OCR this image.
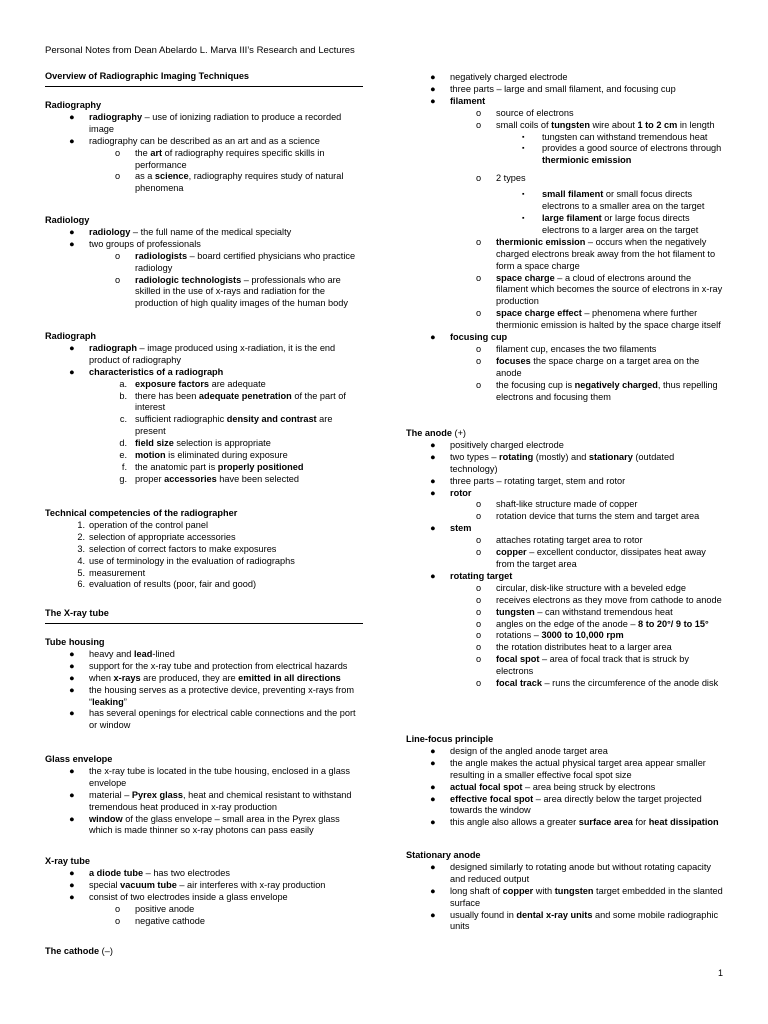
Personal Notes from Dean Abelardo L. Marva III’s Research and Lectures
Overview of Radiographic Imaging Techniques
Radiography
● radiography – use of ionizing radiation to produce a recorded image
● radiography can be described as an art and as a science
o the art of radiography requires specific skills in performance
o as a science, radiography requires study of natural phenomena
Radiology
● radiology – the full name of the medical specialty
● two groups of professionals
o radiologists – board certified physicians who practice radiology
o radiologic technologists – professionals who are skilled in the use of x-rays and radiation for the production of high quality images of the human body
Radiograph
● radiograph – image produced using x-radiation, it is the end product of radiography
● characteristics of a radiograph
a. exposure factors are adequate
b. there has been adequate penetration of the part of interest
c. sufficient radiographic density and contrast are present
d. field size selection is appropriate
e. motion is eliminated during exposure
f. the anatomic part is properly positioned
g. proper accessories have been selected
Technical competencies of the radiographer
1. operation of the control panel
2. selection of appropriate accessories
3. selection of correct factors to make exposures
4. use of terminology in the evaluation of radiographs
5. measurement
6. evaluation of results (poor, fair and good)
The X-ray tube
Tube housing
● heavy and lead-lined
● support for the x-ray tube and protection from electrical hazards
● when x-rays are produced, they are emitted in all directions
● the housing serves as a protective device, preventing x-rays from “leaking”
● has several openings for electrical cable connections and the port or window
Glass envelope
● the x-ray tube is located in the tube housing, enclosed in a glass envelope
● material – Pyrex glass, heat and chemical resistant to withstand tremendous heat produced in x-ray production
● window of the glass envelope – small area in the Pyrex glass which is made thinner so x-ray photons can pass easily
X-ray tube
● a diode tube – has two electrodes
● special vacuum tube – air interferes with x-ray production
● consist of two electrodes inside a glass envelope
o positive anode
o negative cathode
The cathode (–)
● negatively charged electrode
● three parts – large and small filament, and focusing cup
● filament
o source of electrons
o small coils of tungsten wire about 1 to 2 cm in length
▪ tungsten can withstand tremendous heat
▪ provides a good source of electrons through thermionic emission
o 2 types
▪ small filament or small focus directs electrons to a smaller area on the target
▪ large filament or large focus directs electrons to a larger area on the target
o thermionic emission – occurs when the negatively charged electrons break away from the hot filament to form a space charge
o space charge – a cloud of electrons around the filament which becomes the source of electrons in x-ray production
o space charge effect – phenomena where further thermionic emission is halted by the space charge itself
● focusing cup
o filament cup, encases the two filaments
o focuses the space charge on a target area on the anode
o the focusing cup is negatively charged, thus repelling electrons and focusing them
The anode (+)
● positively charged electrode
● two types – rotating (mostly) and stationary (outdated technology)
● three parts – rotating target, stem and rotor
● rotor
o shaft-like structure made of copper
o rotation device that turns the stem and target area
● stem
o attaches rotating target area to rotor
o copper – excellent conductor, dissipates heat away from the target area
● rotating target
o circular, disk-like structure with a beveled edge
o receives electrons as they move from cathode to anode
o tungsten – can withstand tremendous heat
o angles on the edge of the anode – 8 to 20°/ 9 to 15°
o rotations – 3000 to 10,000 rpm
o the rotation distributes heat to a larger area
o focal spot – area of focal track that is struck by electrons
o focal track – runs the circumference of the anode disk
Line-focus principle
● design of the angled anode target area
● the angle makes the actual physical target area appear smaller resulting in a smaller effective focal spot size
● actual focal spot – area being struck by electrons
● effective focal spot – area directly below the target projected towards the window
● this angle also allows a greater surface area for heat dissipation
Stationary anode
● designed similarly to rotating anode but without rotating capacity and reduced output
● long shaft of copper with tungsten target embedded in the slanted surface
● usually found in dental x-ray units and some mobile radiographic units
1
